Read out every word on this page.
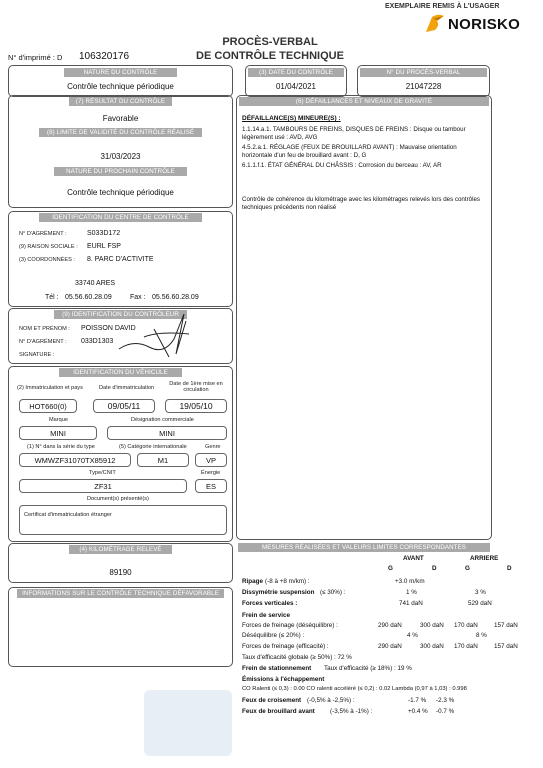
EXEMPLAIRE REMIS À L'USAGER
NORISKO
PROCÈS-VERBAL
DE CONTRÔLE TECHNIQUE
N° d'imprimé : D 106320176
NATURE DU CONTRÔLE
Contrôle technique périodique
(3) DATE DU CONTRÔLE
01/04/2021
N° DU PROCÈS-VERBAL
21047228
(7) RÉSULTAT DU CONTRÔLE
Favorable
(8) LIMITE DE VALIDITÉ DU CONTRÔLE RÉALISÉ
31/03/2023
NATURE DU PROCHAIN CONTRÔLE
Contrôle technique périodique
IDENTIFICATION DU CENTRE DE CONTRÔLE
N° D'AGRÉMENT :	S033D172
(9) RAISON SOCIALE : EURL FSP
(3) COORDONNÉES : 8. PARC D'ACTIVITE
33740 ARES
Tél : 05.56.60.28.09	Fax : 05.56.60.28.09
(9) IDENTIFICATION DU CONTRÔLEUR
NOM ET PRÉNOM : POISSON DAVID
N° D'AGRÉMENT : 033D1303
SIGNATURE :
IDENTIFICATION DU VÉHICULE
(2) Immatriculation et pays	Date d'immatriculation
Date de 1ère mise en circulation
HOT660(0)	09/05/11	19/05/10
Marque	Désignation commerciale
MINI	MINI
(1) N° dans la série du type	(5) Catégorie internationale	Genre
WMWZF31070TX85912	M1	VP
Type/CNIT	Énergie
ZF31	ES
Document(s) présenté(s)
Certificat d'immatriculation étranger
(4) KILOMÉTRAGE RELEVÉ
89190
INFORMATIONS SUR LE CONTRÔLE TECHNIQUE DÉFAVORABLE
(6) DÉFAILLANCES ET NIVEAUX DE GRAVITÉ
DÉFAILLANCE(S) MINEURE(S) :
1.1.14.a.1. TAMBOURS DE FREINS, DISQUES DE FREINS : Disque ou tambour légèrement usé : AVD, AVG
4.5.2.a.1. RÉGLAGE (FEUX DE BROUILLARD AVANT) : Mauvaise orientation horizontale d'un feu de brouillard avant : D, G
6.1.1.f.1. ÉTAT GÉNÉRAL DU CHÂSSIS : Corrosion du berceau : AV, AR
Contrôle de cohérence du kilométrage avec les kilométrages relevés lors des contrôles techniques précédents non réalisé
MESURES RÉALISÉES ET VALEURS LIMITES CORRESPONDANTES
AVANT	ARRIERE
G	D	G	D
Ripage (-8 à +8 m/km) :	+3.0 m/km
Dissymétrie suspension (≤ 30%) :	1 %	3 %
Forces verticales :	741 daN	529 daN
Frein de service
Forces de freinage (déséquilibre) :	290 daN	300 daN 170 daN	157 daN
Déséquilibre (≤ 20%) :	4 %	8 %
Forces de freinage (efficacité) :	290 daN	300 daN 170 daN	157 daN
Taux d'efficacité globale (≥ 50%) : 72 %
Frein de stationnement Taux d'efficacité (≥ 18%) : 19 %
Émissions à l'échappement
CO Ralenti (≤ 0,3) : 0.00 CO ralenti accéléré (≤ 0,2) : 0.02 Lambda (0,97 à 1,03) : 0.998
Feux de croisement (-0,5% à -2,5%) :	-1.7 % -2.3 %
Feux de brouillard avant (-3,5% à -1%) :	+0.4 % -0.7 %
